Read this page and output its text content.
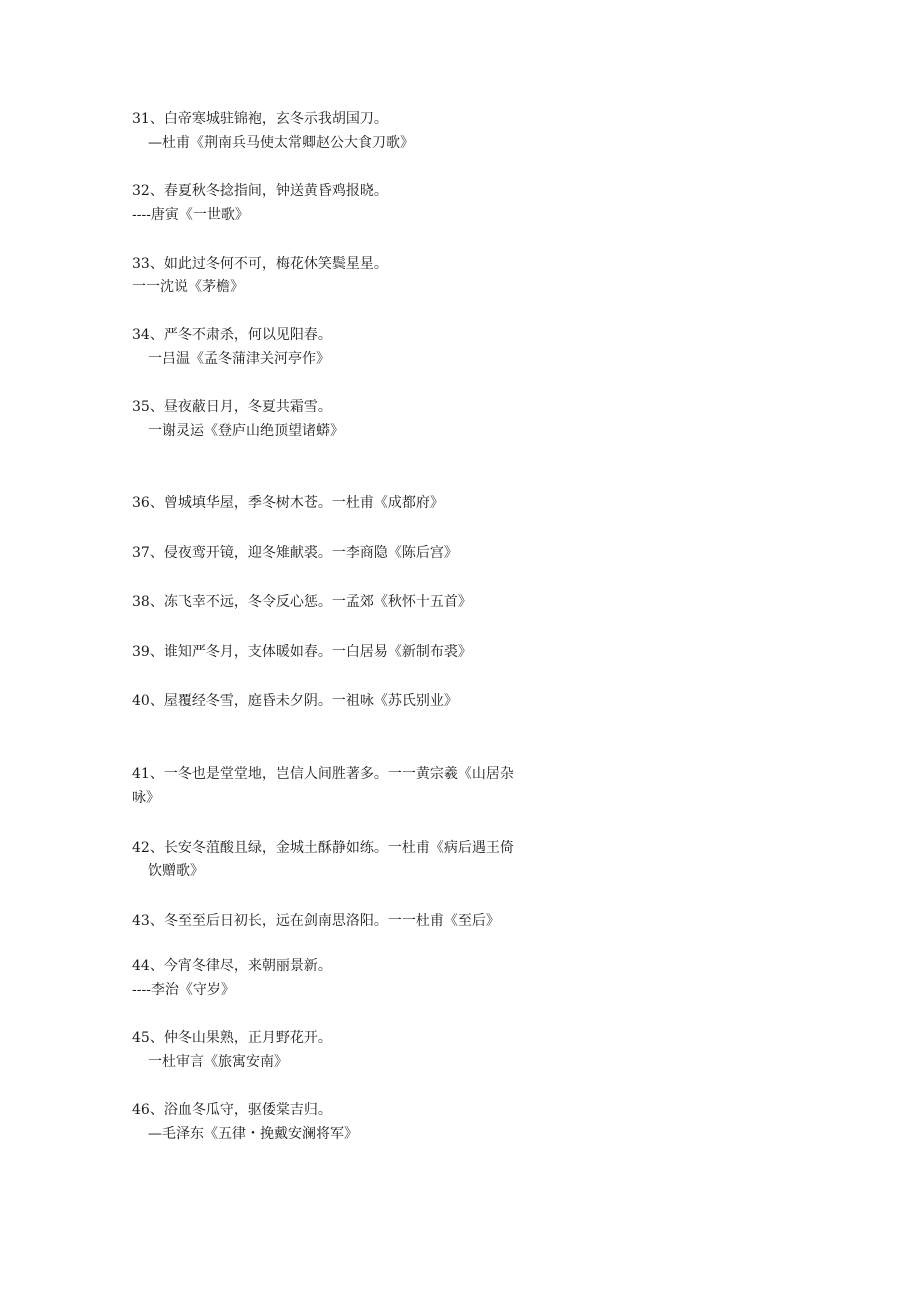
31、白帝寒城驻锦袍，玄冬示我胡国刀。
—杜甫《荆南兵马使太常卿赵公大食刀歌》
32、春夏秋冬捻指间，钟送黄昏鸡报晓。
----唐寅《一世歌》
33、如此过冬何不可，梅花休笑鬓星星。
一一沈说《茅檐》
34、严冬不肃杀，何以见阳春。
一吕温《孟冬蒲津关河亭作》
35、昼夜蔽日月，冬夏共霜雪。
一谢灵运《登庐山绝顶望诸蟒》
36、曾城填华屋，季冬树木苍。一杜甫《成都府》
37、侵夜鸾开镜，迎冬雉献裘。一李商隐《陈后宫》
38、冻飞幸不远，冬令反心惩。一孟郊《秋怀十五首》
39、谁知严冬月，支体暖如春。一白居易《新制布裘》
40、屋覆经冬雪，庭昏未夕阴。一祖咏《苏氏别业》
41、一冬也是堂堂地，岂信人间胜著多。一一黄宗羲《山居杂
咏》
42、长安冬菹酸且绿，金城土酥静如练。一杜甫《病后遇王倚
饮赠歌》
43、冬至至后日初长，远在剑南思洛阳。一一杜甫《至后》
44、今宵冬律尽，来朝丽景新。
----李治《守岁》
45、仲冬山果熟，正月野花开。
一杜审言《旅寓安南》
46、浴血冬瓜守，驱倭棠吉归。
—毛泽东《五律・挽戴安澜将军》
